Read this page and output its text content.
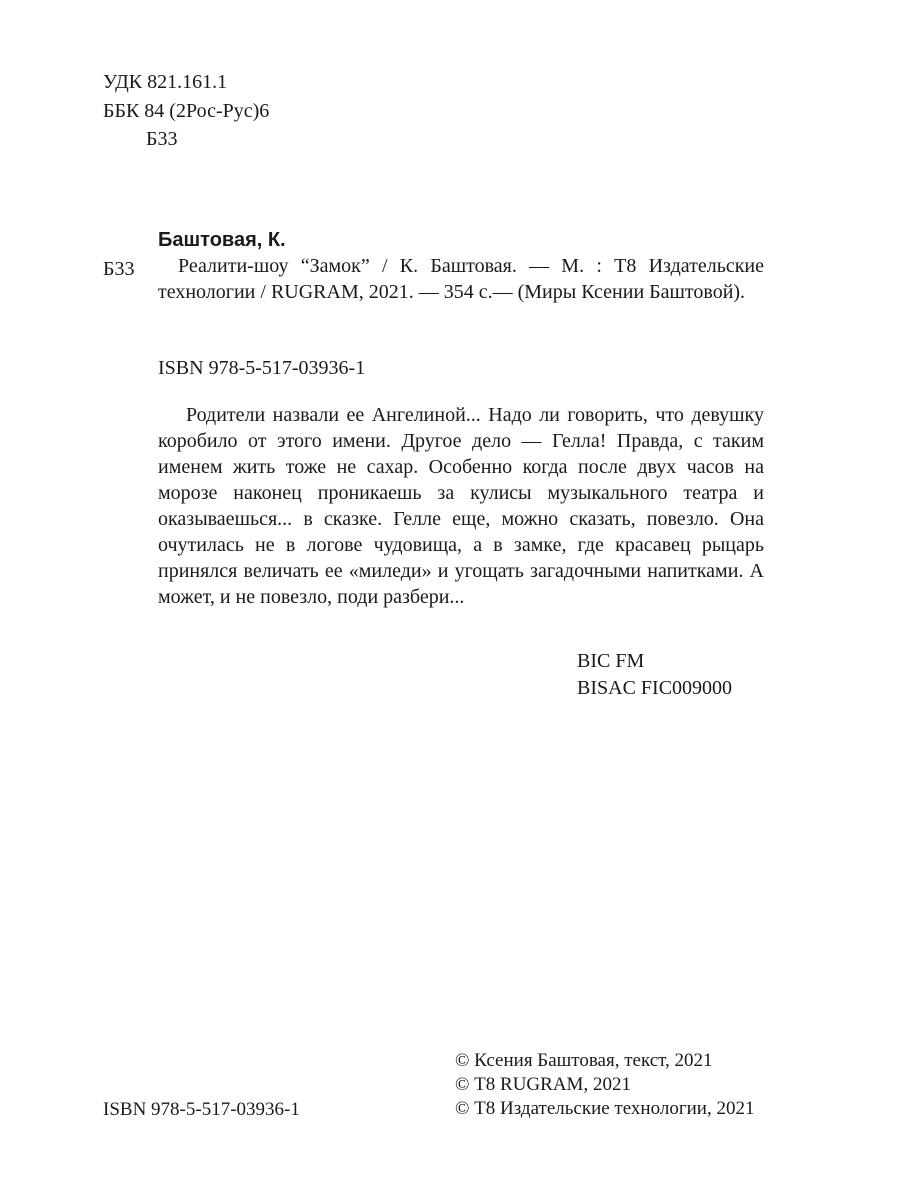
УДК 821.161.1
ББК 84 (2Рос-Рус)6
Б33
Баштовая, К.
Б33	Реалити-шоу “Замок” / К. Баштовая. — М. : Т8 Издательские технологии / RUGRAM, 2021. — 354 с.— (Миры Ксении Баштовой).
ISBN 978-5-517-03936-1
Родители назвали ее Ангелиной... Надо ли говорить, что девушку коробило от этого имени. Другое дело — Гелла! Правда, с таким именем жить тоже не сахар. Особенно когда после двух часов на морозе наконец проникаешь за кулисы музыкального театра и оказываешься... в сказке. Гелле еще, можно сказать, повезло. Она очутилась не в логове чудовища, а в замке, где красавец рыцарь принялся величать ее «миледи» и угощать загадочными напитками. А может, и не повезло, поди разбери...
BIC FM
BISAC FIC009000
© Ксения Баштовая, текст, 2021
© Т8 RUGRAM, 2021
© Т8 Издательские технологии, 2021
ISBN 978-5-517-03936-1
